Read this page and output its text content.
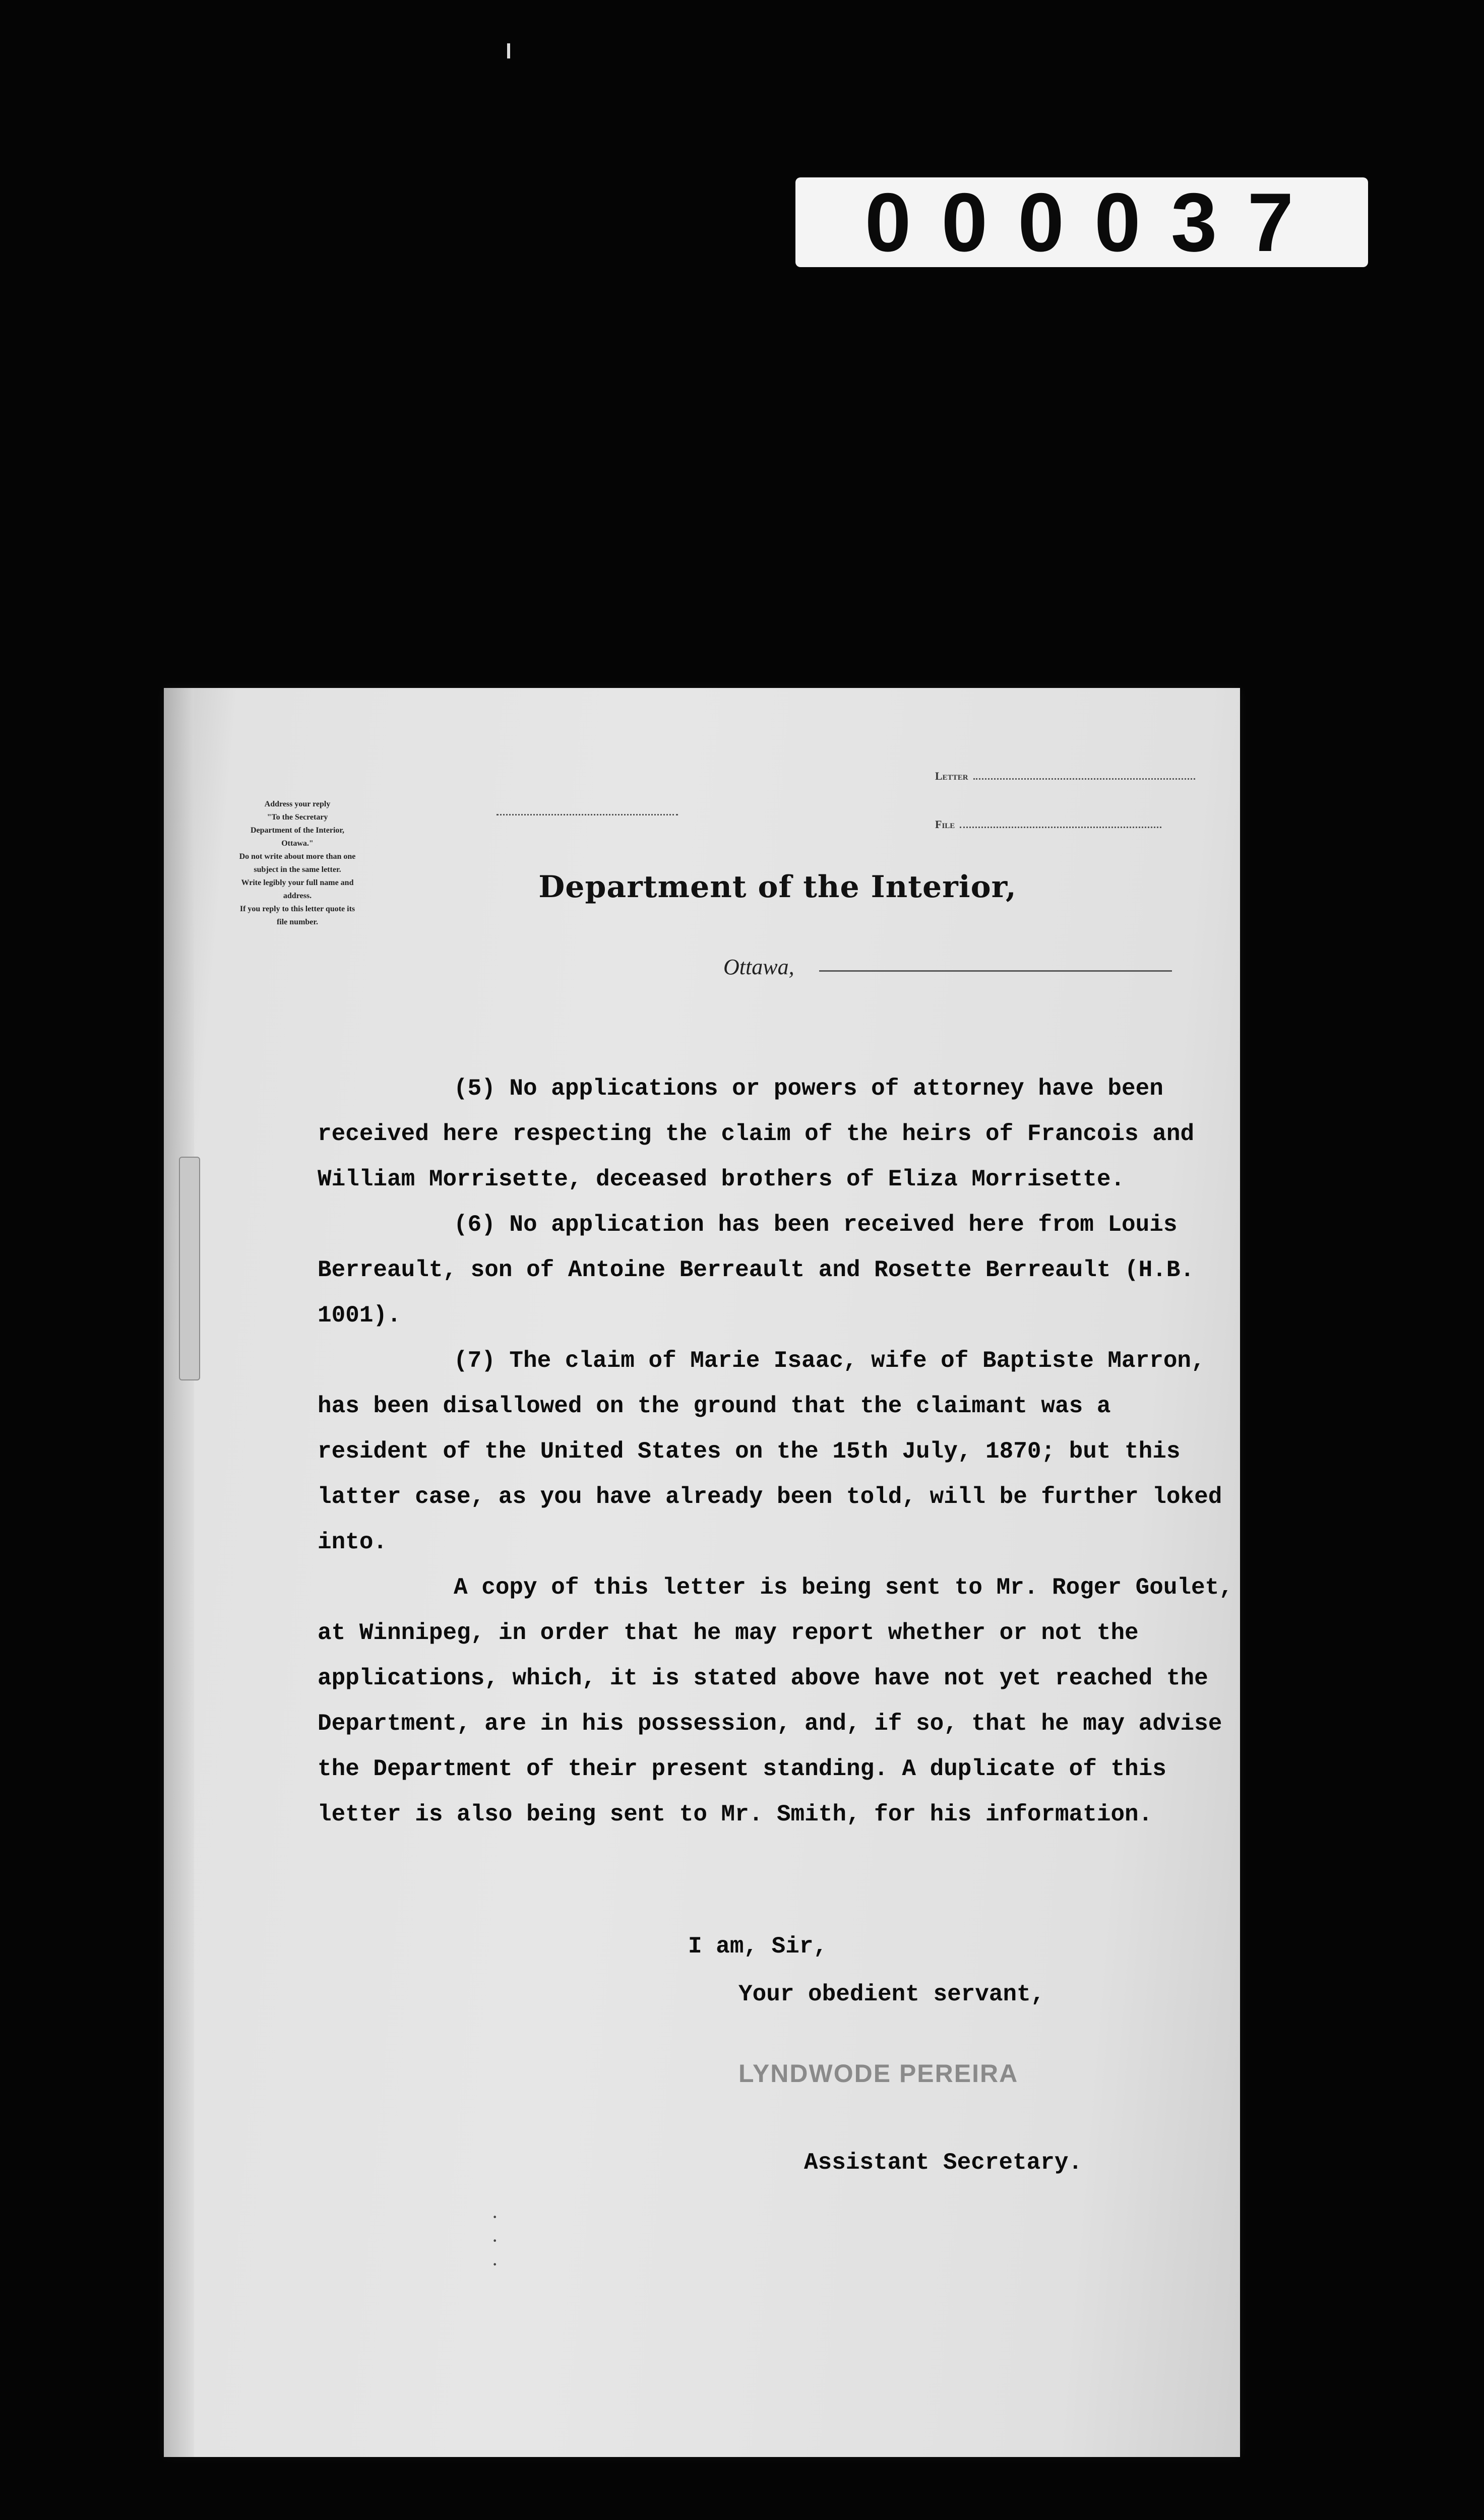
000037
Address your reply
"To the Secretary
Department of the Interior,
Ottawa."
Do not write about more than one
subject in the same letter.
Write legibly your full name and
address.
If you reply to this letter quote its
file number.
Letter
File
Department of the Interior,
Ottawa,

(5) No applications or powers of attorney have been received here respecting the claim of the heirs of Francois and William Morrisette, deceased brothers of Eliza Morrisette.

(6) No application has been received here from Louis Berreault, son of Antoine Berreault and Rosette Berreault (H.B. 1001).

(7) The claim of Marie Isaac, wife of Baptiste Marron, has been disallowed on the ground that the claimant was a resident of the United States on the 15th July, 1870; but this latter case, as you have already been told, will be further loked into.

A copy of this letter is being sent to Mr. Roger Goulet, at Winnipeg, in order that he may report whether or not the applications, which, it is stated above have not yet reached the Department, are in his possession, and, if so, that he may advise the Department of their present standing. A duplicate of this letter is also being sent to Mr. Smith, for his information.

I am, Sir,
Your obedient servant,
LYNDWODE PEREIRA
Assistant Secretary.
· · ·
